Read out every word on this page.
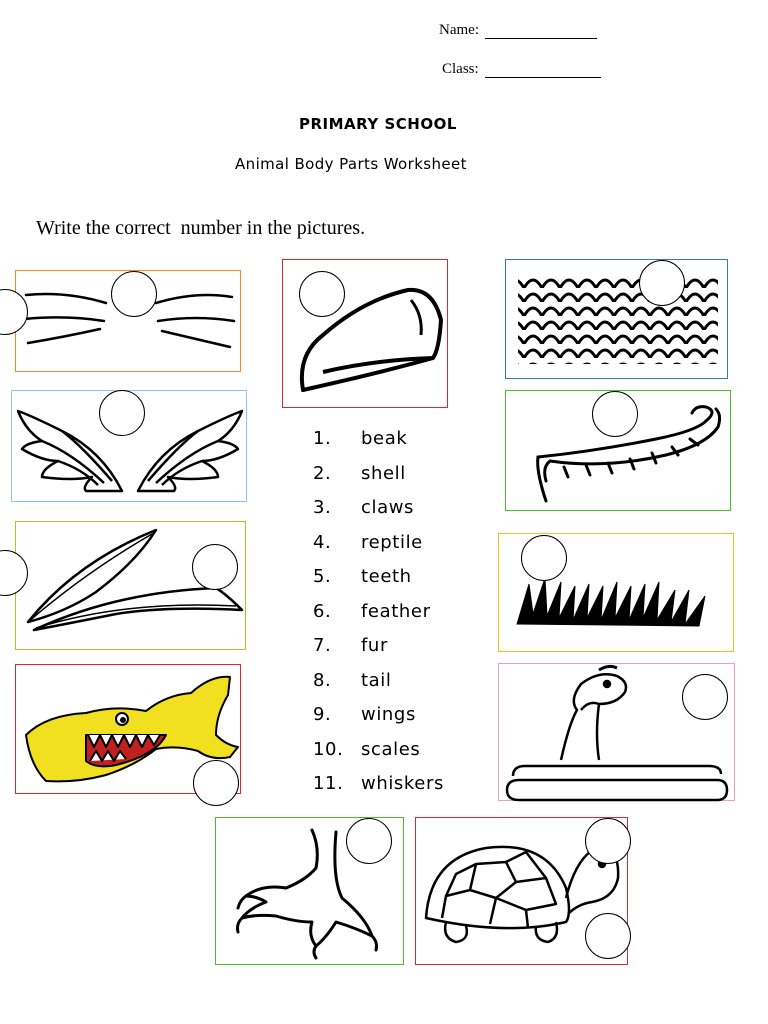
Name:
Class:
PRIMARY SCHOOL
Animal Body Parts Worksheet
Write the correct  number in the pictures.
1.	beak
2.	shell
3.	claws
4.	reptile
5.	teeth
6.	feather
7.	fur
8.	tail
9.	wings
10. scales
11. whiskers
